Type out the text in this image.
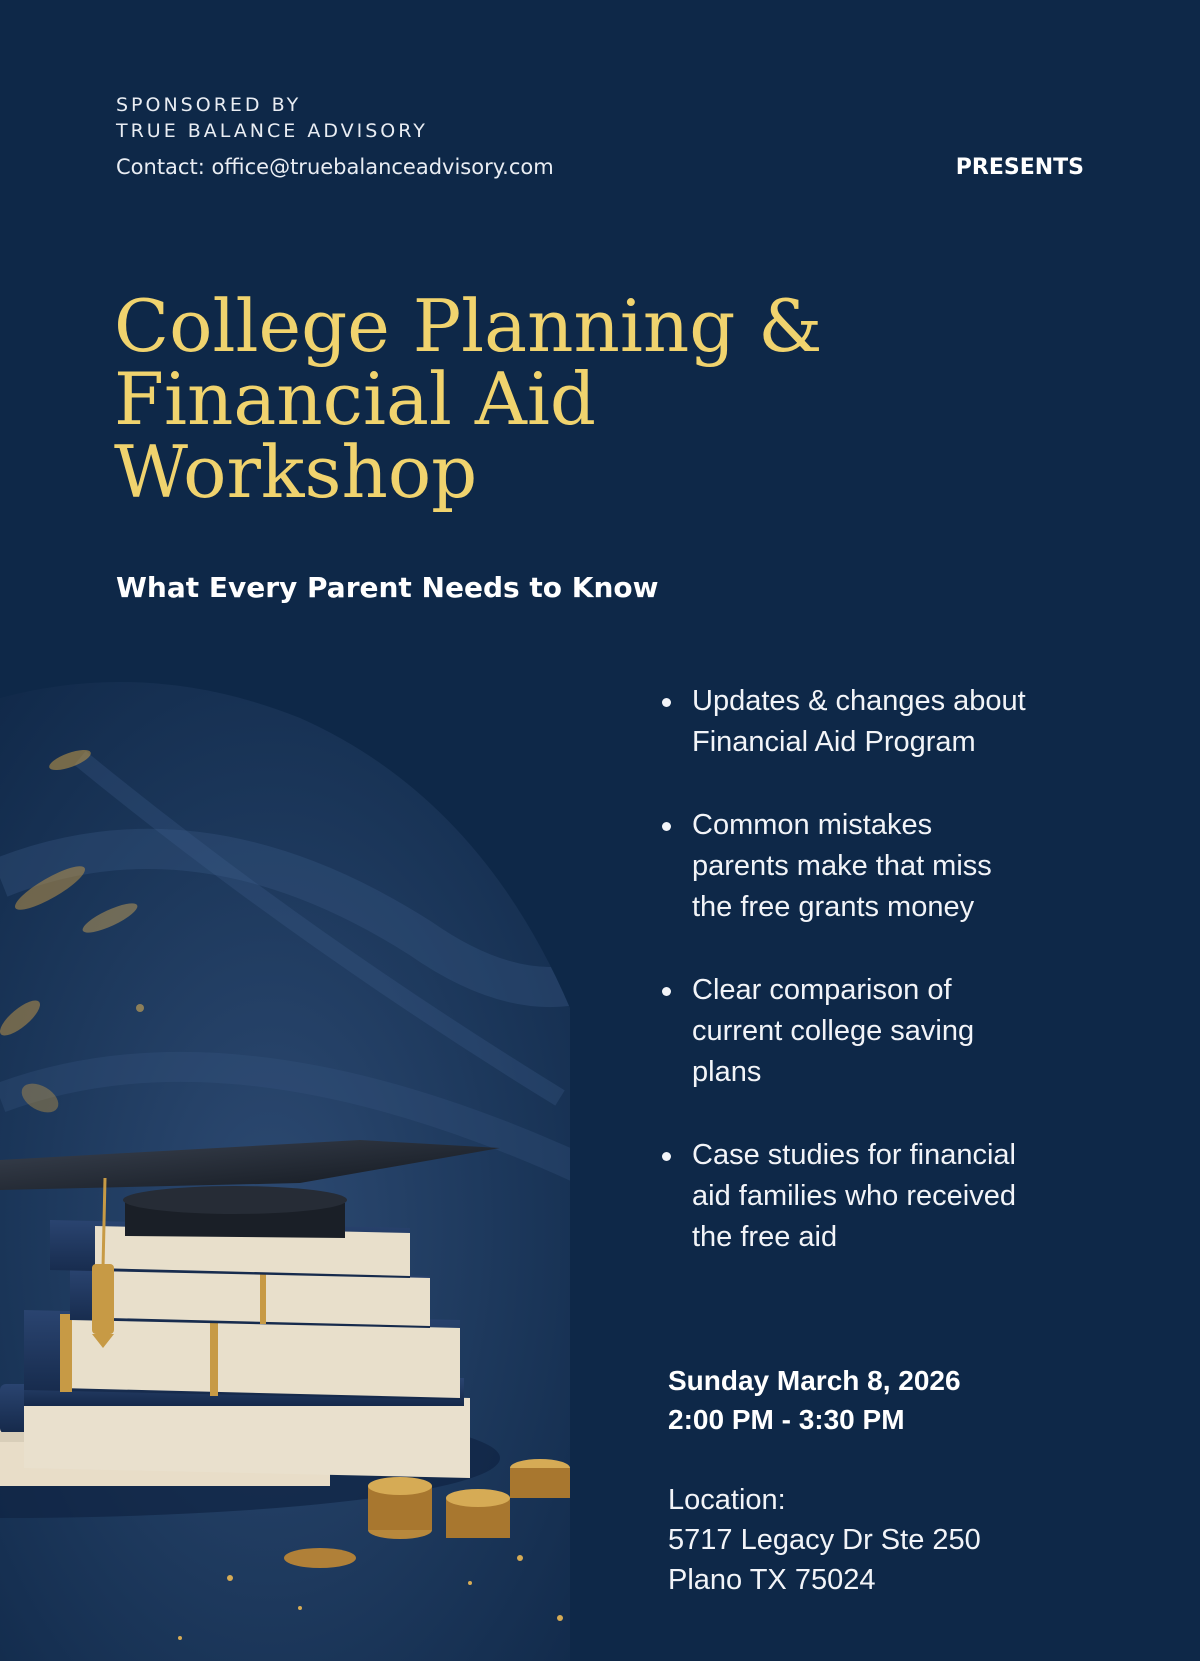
SPONSORED BY
TRUE BALANCE ADVISORY
Contact: office@truebalanceadvisory.com	PRESENTS
College Planning &
Financial Aid
Workshop
What Every Parent Needs to Know
Updates & changes about
Financial Aid Program
Common mistakes
parents make that miss
the free grants money
Clear comparison of
current college saving
plans
Case studies for financial
aid families who received
the free aid
Sunday March 8, 2026
2:00 PM - 3:30 PM
Location:
5717 Legacy Dr Ste 250
Plano TX 75024
